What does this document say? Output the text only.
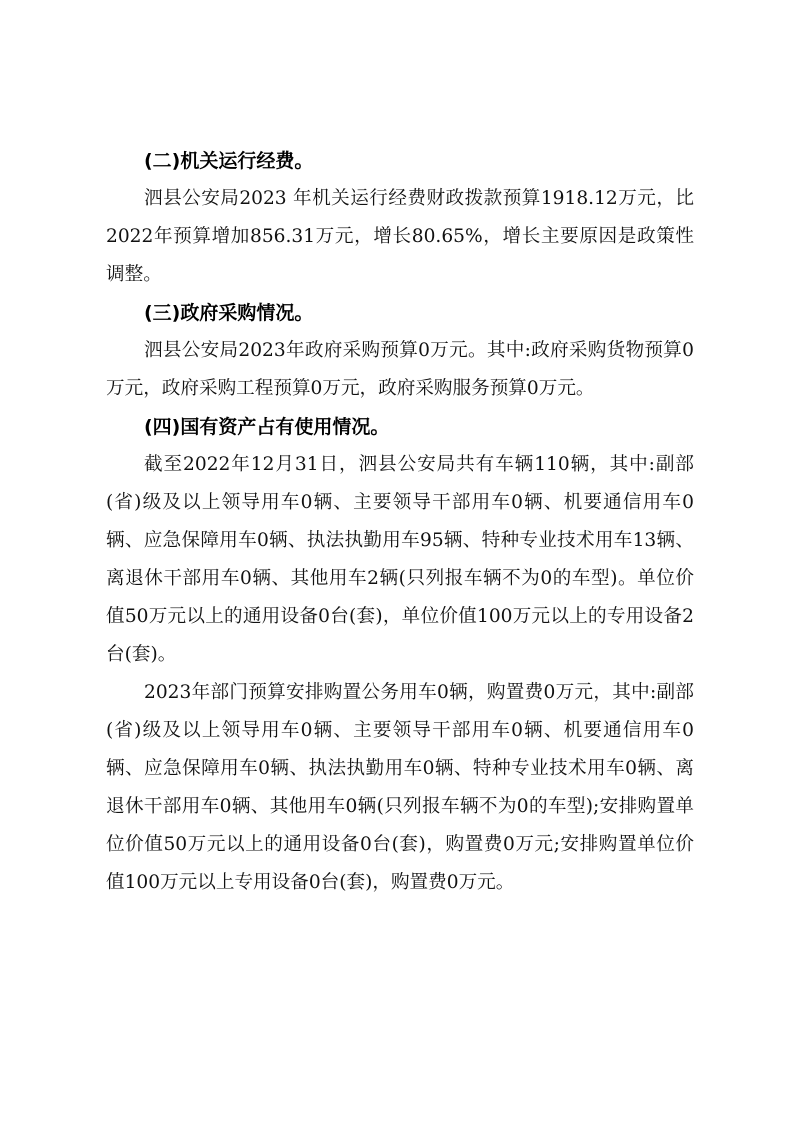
(二)机关运行经费。

泗县公安局2023 年机关运行经费财政拨款预算1918.12万元，比2022年预算增加856.31万元，增长80.65%，增长主要原因是政策性调整。

(三)政府采购情况。

泗县公安局2023年政府采购预算0万元。其中:政府采购货物预算0万元，政府采购工程预算0万元，政府采购服务预算0万元。

(四)国有资产占有使用情况。

截至2022年12月31日，泗县公安局共有车辆110辆，其中:副部(省)级及以上领导用车0辆、主要领导干部用车0辆、机要通信用车0辆、应急保障用车0辆、执法执勤用车95辆、特种专业技术用车13辆、离退休干部用车0辆、其他用车2辆(只列报车辆不为0的车型)。单位价值50万元以上的通用设备0台(套)，单位价值100万元以上的专用设备2台(套)。

2023年部门预算安排购置公务用车0辆，购置费0万元，其中:副部(省)级及以上领导用车0辆、主要领导干部用车0辆、机要通信用车0辆、应急保障用车0辆、执法执勤用车0辆、特种专业技术用车0辆、离退休干部用车0辆、其他用车0辆(只列报车辆不为0的车型);安排购置单位价值50万元以上的通用设备0台(套)，购置费0万元;安排购置单位价值100万元以上专用设备0台(套)，购置费0万元。
